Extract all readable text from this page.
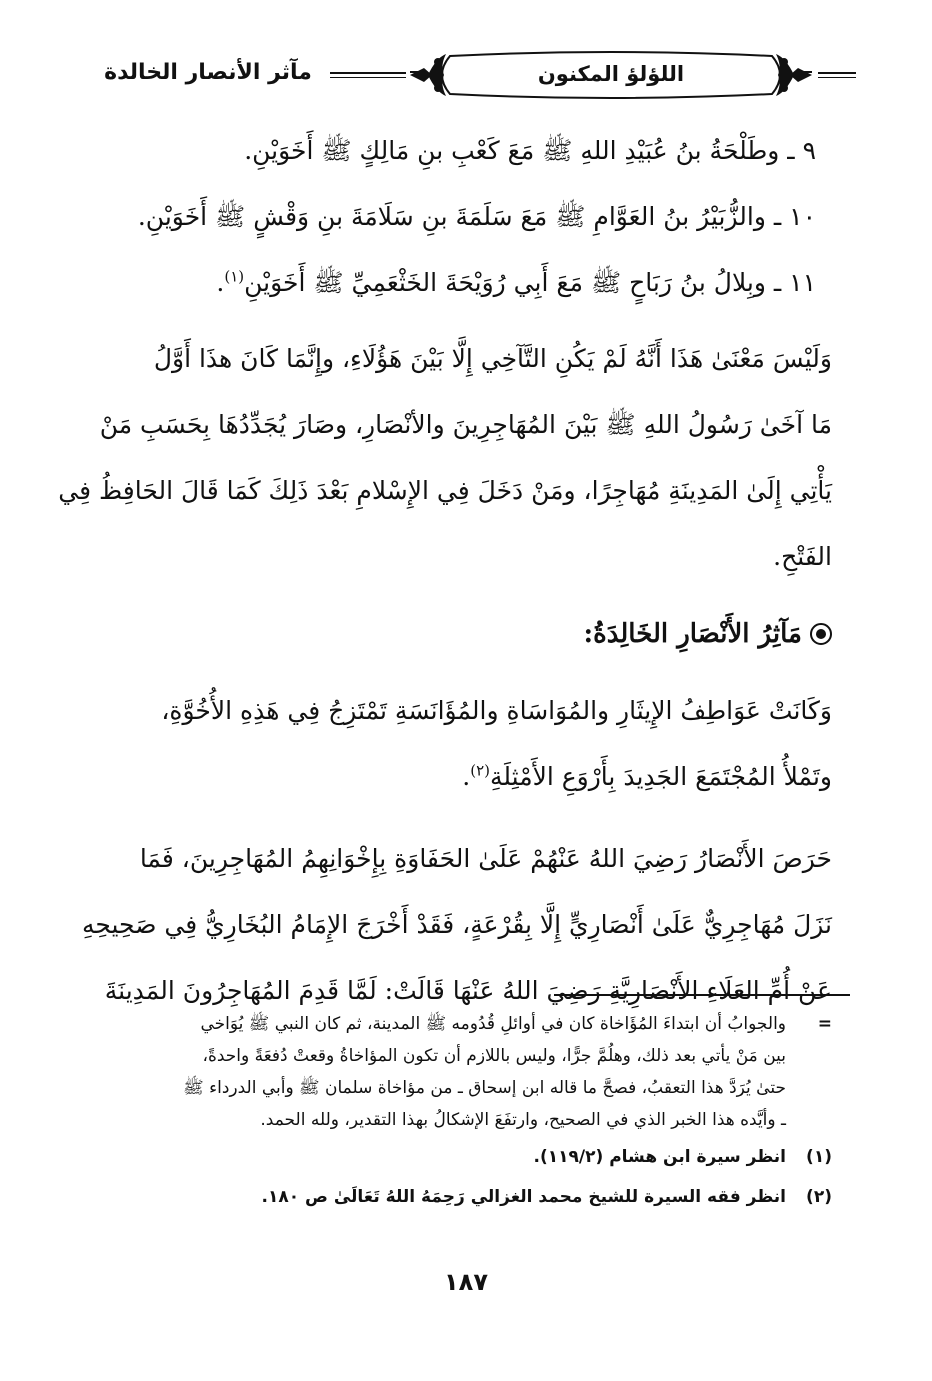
اللؤلؤ المكنون
مآثر الأنصار الخالدة
٩ ـ وطَلْحَةُ بنُ عُبَيْدِ اللهِ ﷺ مَعَ كَعْبِ بنِ مَالِكٍ ﷺ أَخَوَيْنِ.
١٠ ـ والزُّبَيْرُ بنُ العَوَّامِ ﷺ مَعَ سَلَمَةَ بنِ سَلَامَةَ بنِ وَقْشٍ ﷺ أَخَوَيْنِ.
١١ ـ وبِلالُ بنُ رَبَاحٍ ﷺ مَعَ أَبِي رُوَيْحَةَ الخَثْعَمِيِّ ﷺ أَخَوَيْنِ$^{(١)}$.
وَلَيْسَ مَعْنَىٰ هَذَا أَنَّهُ لَمْ يَكُنِ التَّآخِي إِلَّا بَيْنَ هَؤُلَاءِ، وإِنَّمَا كَانَ هذَا أَوَّلُ
مَا آخَىٰ رَسُولُ اللهِ ﷺ بَيْنَ المُهَاجِرِينَ والأنْصَارِ، وصَارَ يُجَدِّدُهَا بِحَسَبِ مَنْ
يَأْتِي إِلَىٰ المَدِينَةِ مُهَاجِرًا، ومَنْ دَخَلَ فِي الإِسْلامِ بَعْدَ ذَلِكَ كَمَا قَالَ الحَافِظُ فِي
الفَتْحِ.
مَآثِرُ الأَنْصَارِ الخَالِدَةُ:
وَكَانَتْ عَوَاطِفُ الإِيثَارِ والمُوَاسَاةِ والمُؤَانَسَةِ تَمْتَزِجُ فِي هَذِهِ الأُخُوَّةِ،
وتَمْلأُ المُجْتَمَعَ الجَدِيدَ بِأَرْوَعِ الأَمْثِلَةِ$^{(٢)}$.
حَرَصَ الأَنْصَارُ رَضِيَ اللهُ عَنْهُمْ عَلَىٰ الحَفَاوَةِ بِإِخْوَانِهِمُ المُهَاجِرِينَ، فَمَا
نَزَلَ مُهَاجِرِيٌّ عَلَىٰ أَنْصَارِيٍّ إِلَّا بِقُرْعَةٍ، فَقَدْ أَخْرَجَ الإِمَامُ البُخَارِيُّ فِي صَحِيحِهِ
عَنْ أُمِّ العَلَاءِ الأَنْصَارِيَّةِ رَضِيَ اللهُ عَنْهَا قَالَتْ: لَمَّا قَدِمَ المُهَاجِرُونَ المَدِينَةَ
=
والجوابُ أن ابتداءَ المُؤَاخاة كان في أوائلِ قُدُومه ﷺ المدينة، ثم كان النبي ﷺ يُوَاخي
بين مَنْ يأتي بعد ذلك، وهلُمَّ جرًّا، وليس باللازم أن تكون المؤاخاةُ وقعتْ دُفعَةً واحدةً،
حتىٰ يُرَدَّ هذا التعقبُ، فصحَّ ما قاله ابن إسحاق ـ من مؤاخاة سلمان ﷺ وأبي الدرداء ﷺ
ـ وأيَّده هذا الخبر الذي في الصحيح، وارتفَعَ الإشكالُ بهذا التقدير، ولله الحمد.
(١)
انظر سيرة ابن هشام (١١٩/٢).
(٢)
انظر فقه السيرة للشيخ محمد الغزالي رَحِمَهُ اللهُ تَعَالَىٰ ص ١٨٠.
١٨٧
